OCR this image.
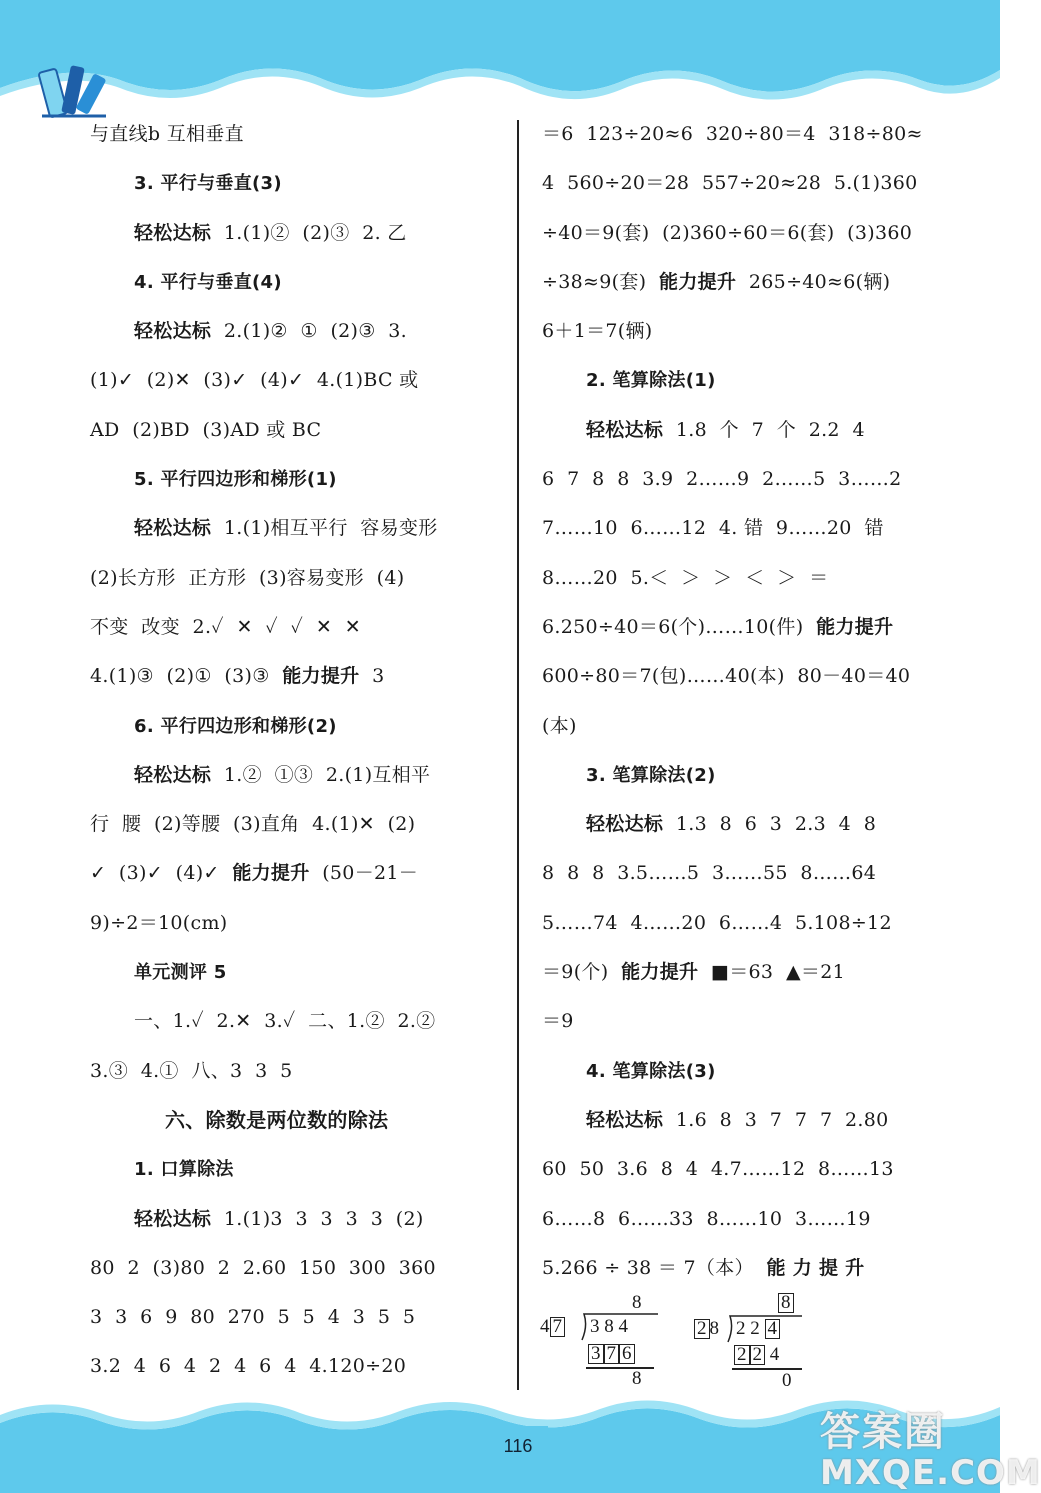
与直线b 互相垂直
3. 平行与垂直(3)
轻松达标  1.(1)②  (2)③  2. 乙
4. 平行与垂直(4)
轻松达标  2.(1)②  ①  (2)③  3.
(1)✓  (2)✕  (3)✓  (4)✓  4.(1)BC 或
AD  (2)BD  (3)AD 或 BC
5. 平行四边形和梯形(1)
轻松达标  1.(1)相互平行  容易变形
(2)长方形  正方形  (3)容易变形  (4)
不变  改变  2.✓  ✕  ✓  ✓  ✕  ✕
4.(1)③  (2)①  (3)③  能力提升  3
6. 平行四边形和梯形(2)
轻松达标  1.②  ①③  2.(1)互相平
行  腰  (2)等腰  (3)直角  4.(1)✕  (2)
✓  (3)✓  (4)✓  能力提升  (50－21－
9)÷2＝10(cm)
单元测评 5
一、1.✓  2.✕  3.✓  二、1.②  2.②
3.③  4.①  八、3  3  5
六、除数是两位数的除法
1. 口算除法
轻松达标  1.(1)3  3  3  3  3  (2)
80  2  (3)80  2  2.60  150  300  360
3  3  6  9  80  270  5  5  4  3  5  5
3.2  4  6  4  2  4  6  4  4.120÷20
＝6  123÷20≈6  320÷80＝4  318÷80≈
4  560÷20＝28  557÷20≈28  5.(1)360
÷40＝9(套)  (2)360÷60＝6(套)  (3)360
÷38≈9(套)  能力提升  265÷40≈6(辆)
6＋1＝7(辆)
2. 笔算除法(1)
轻松达标  1.8  个  7  个  2.2  4
6  7  8  8  3.9  2……9  2……5  3……2
7……10  6……12  4. 错  9……20  错
8……20  5.＜  ＞  ＞  ＜  ＞  ＝
6.250÷40＝6(个)……10(件)  能力提升
600÷80＝7(包)……40(本)  80－40＝40
(本)
3. 笔算除法(2)
轻松达标  1.3  8  6  3  2.3  4  8
8  8  8  3.5……5  3……55  8……64
5……74  4……20  6……4  5.108÷12
＝9(个)  能力提升  ■＝63  ▲＝21
＝9
4. 笔算除法(3)
轻松达标  1.6  8  3  7  7  7  2.80
60  50  3.6  8  4  4.7……12  8……13
6……8  6……33  8……10  3……19
5.266 ÷ 38 ＝ 7（本）  能 力 提 升
8
4 7 3 8 4
3 7 6
8
8
2 8 2 2 4
2 2 4
0
116	答案圈
MXQE.COM
